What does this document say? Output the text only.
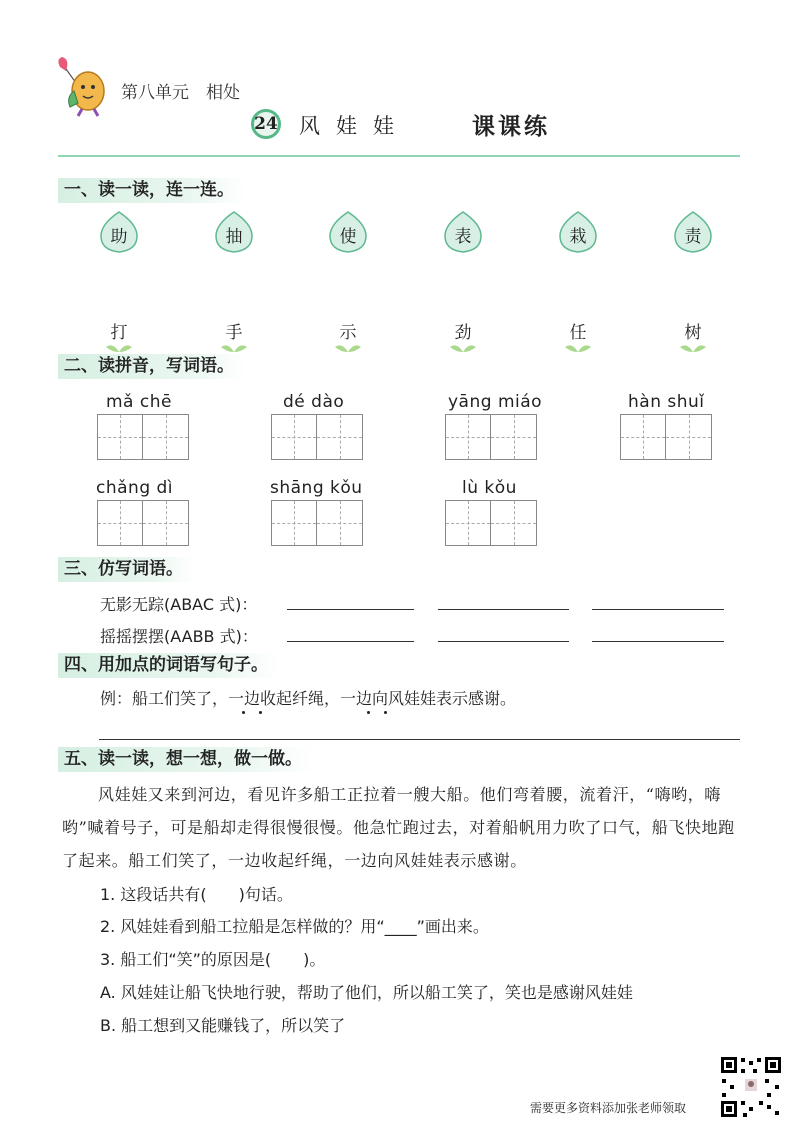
第八单元　相处
24 风娃娃	课课练
一、读一读，连一连。
助	抽	使	表	栽	责
打	手	示	劲	任	树
二、读拼音，写词语。
mǎ chē	dé dào	yāng miáo	hàn shuǐ
chǎng dì	shāng kǒu	lù kǒu
三、仿写词语。
无影无踪(ABAC 式)：
摇摇摆摆(AABB 式)：
四、用加点的词语写句子。
例：船工们笑了，一边收起纤绳，一边向风娃娃表示感谢。
五、读一读，想一想，做一做。
风娃娃又来到河边，看见许多船工正拉着一艘大船。他们弯着腰，流着汗，“嗨哟，嗨哟”喊着号子，可是船却走得很慢很慢。他急忙跑过去，对着船帆用力吹了口气，船飞快地跑了起来。船工们笑了，一边收起纤绳，一边向风娃娃表示感谢。
1. 这段话共有(　　)句话。
2. 风娃娃看到船工拉船是怎样做的？用“____”画出来。
3. 船工们“笑”的原因是(　　)。
A. 风娃娃让船飞快地行驶，帮助了他们，所以船工笑了，笑也是感谢风娃娃
B. 船工想到又能赚钱了，所以笑了
需要更多资料添加张老师领取
